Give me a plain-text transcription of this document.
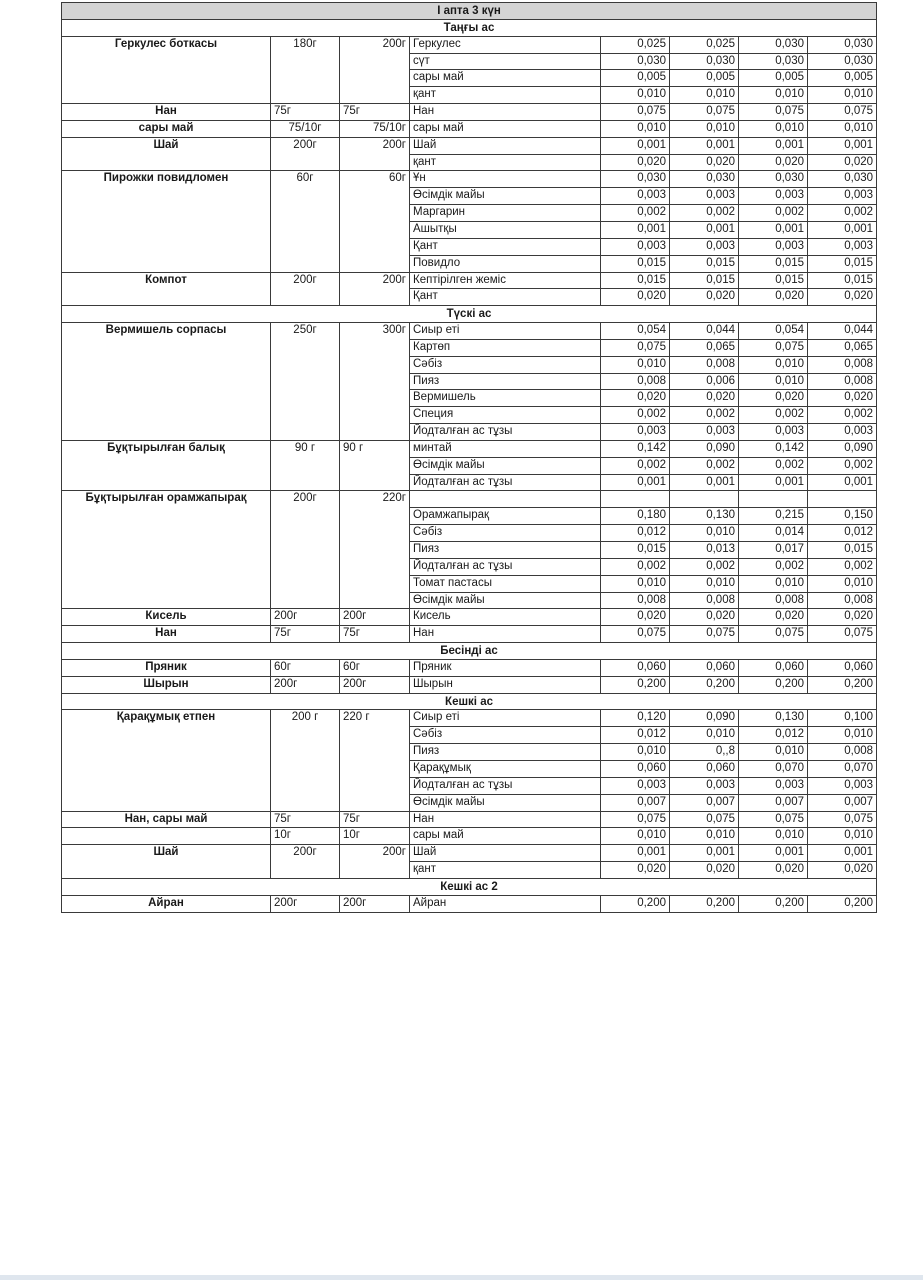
I апта 3 күн							
Таңғы ас							
Геркулес боткасы	180г	200г	Геркулес	0,025	0,025	0,030	0,030
			сүт	0,030	0,030	0,030	0,030
			сары май	0,005	0,005	0,005	0,005
			қант	0,010	0,010	0,010	0,010
Нан	75г	75г	Нан	0,075	0,075	0,075	0,075
сары май	75/10г	75/10г	сары май	0,010	0,010	0,010	0,010
Шай	200г	200г	Шай	0,001	0,001	0,001	0,001
			қант	0,020	0,020	0,020	0,020
Пирожки повидломен	60г	60г	Ұн	0,030	0,030	0,030	0,030
			Өсімдік майы	0,003	0,003	0,003	0,003
			Маргарин	0,002	0,002	0,002	0,002
			Ашытқы	0,001	0,001	0,001	0,001
			Қант	0,003	0,003	0,003	0,003
			Повидло	0,015	0,015	0,015	0,015
Компот	200г	200г	Кептірілген жеміс	0,015	0,015	0,015	0,015
			Қант	0,020	0,020	0,020	0,020
Түскі ас							
Вермишель сорпасы	250г	300г	Сиыр еті	0,054	0,044	0,054	0,044
			Картөп	0,075	0,065	0,075	0,065
			Сәбіз	0,010	0,008	0,010	0,008
			Пияз	0,008	0,006	0,010	0,008
			Вермишель	0,020	0,020	0,020	0,020
			Специя	0,002	0,002	0,002	0,002
			Йодталған ас тұзы	0,003	0,003	0,003	0,003
Бұқтырылған балық	90 г	90 г	минтай	0,142	0,090	0,142	0,090
			Өсімдік майы	0,002	0,002	0,002	0,002
			Йодталған ас тұзы	0,001	0,001	0,001	0,001
Бұқтырылған орамжапырақ	200г	220г					
			Орамжапырақ	0,180	0,130	0,215	0,150
			Сәбіз	0,012	0,010	0,014	0,012
			Пияз	0,015	0,013	0,017	0,015
			Йодталған ас тұзы	0,002	0,002	0,002	0,002
			Томат пастасы	0,010	0,010	0,010	0,010
			Өсімдік майы	0,008	0,008	0,008	0,008
Кисель	200г	200г	Кисель	0,020	0,020	0,020	0,020
Нан	75г	75г	Нан	0,075	0,075	0,075	0,075
Бесінді ас							
Пряник	60г	60г	Пряник	0,060	0,060	0,060	0,060
Шырын	200г	200г	Шырын	0,200	0,200	0,200	0,200
Кешкі ас							
Қарақұмық етпен	200 г	220 г	Сиыр еті	0,120	0,090	0,130	0,100
			Сәбіз	0,012	0,010	0,012	0,010
			Пияз	0,010	0,,8	0,010	0,008
			Қарақұмық	0,060	0,060	0,070	0,070
			Йодталған ас тұзы	0,003	0,003	0,003	0,003
			Өсімдік майы	0,007	0,007	0,007	0,007
Нан, сары май	75г	75г	Нан	0,075	0,075	0,075	0,075
	10г	10г	сары май	0,010	0,010	0,010	0,010
Шай	200г	200г	Шай	0,001	0,001	0,001	0,001
			қант	0,020	0,020	0,020	0,020
Кешкі ас 2							
Айран	200г	200г	Айран	0,200	0,200	0,200	0,200
